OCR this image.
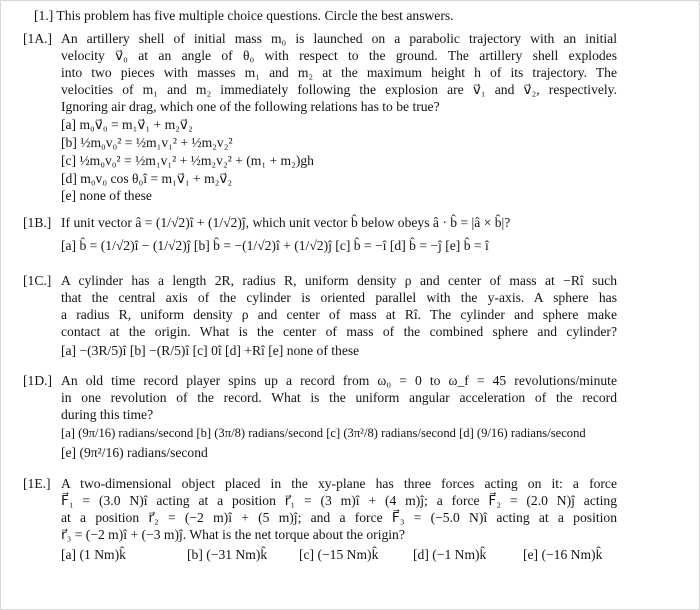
[1.] This problem has five multiple choice questions. Circle the best answers.
[1A.] An artillery shell of initial mass m₀ is launched on a parabolic trajectory with an initial
velocity v⃗₀ at an angle of θ₀ with respect to the ground. The artillery shell explodes
into two pieces with masses m₁ and m₂ at the maximum height h of its trajectory. The
velocities of m₁ and m₂ immediately following the explosion are v⃗₁ and v⃗₂, respectively.
Ignoring air drag, which one of the following relations has to be true?
[a] m₀v⃗₀ = m₁v⃗₁ + m₂v⃗₂
[b] ½m₀v₀² = ½m₁v₁² + ½m₂v₂²
[c] ½m₀v₀² = ½m₁v₁² + ½m₂v₂² + (m₁ + m₂)gh
[d] m₀v₀ cos θ₀î = m₁v⃗₁ + m₂v⃗₂
[e] none of these
[1B.] If unit vector â = (1/√2)î + (1/√2)ĵ, which unit vector b̂ below obeys â · b̂ = |â × b̂|?
[a] b̂ = (1/√2)î − (1/√2)ĵ [b] b̂ = −(1/√2)î + (1/√2)ĵ [c] b̂ = −î [d] b̂ = −ĵ [e] b̂ = î
[1C.] A cylinder has a length 2R, radius R, uniform density ρ and center of mass at −Rî such
that the central axis of the cylinder is oriented parallel with the y-axis. A sphere has
a radius R, uniform density ρ and center of mass at Rî. The cylinder and sphere make
contact at the origin. What is the center of mass of the combined sphere and cylinder?
[a] −(3R/5)î [b] −(R/5)î [c] 0î [d] +Rî [e] none of these
[1D.] An old time record player spins up a record from ω₀ = 0 to ω_f = 45 revolutions/minute
in one revolution of the record. What is the uniform angular acceleration of the record
during this time?
[a] (9π/16) radians/second [b] (3π/8) radians/second [c] (3π²/8) radians/second [d] (9/16) radians/second
[e] (9π²/16) radians/second
[1E.] A two-dimensional object placed in the xy-plane has three forces acting on it: a force
F⃗₁ = (3.0 N)î acting at a position r⃗₁ = (3 m)î + (4 m)ĵ; a force F⃗₂ = (2.0 N)ĵ acting
at a position r⃗₂ = (−2 m)î + (5 m)ĵ; and a force F⃗₃ = (−5.0 N)î acting at a position
r⃗₃ = (−2 m)î + (−3 m)ĵ. What is the net torque about the origin?
[a] (1 Nm)k̂	[b] (−31 Nm)k̂ [c] (−15 Nm)k̂	[d] (−1 Nm)k̂	[e] (−16 Nm)k̂
